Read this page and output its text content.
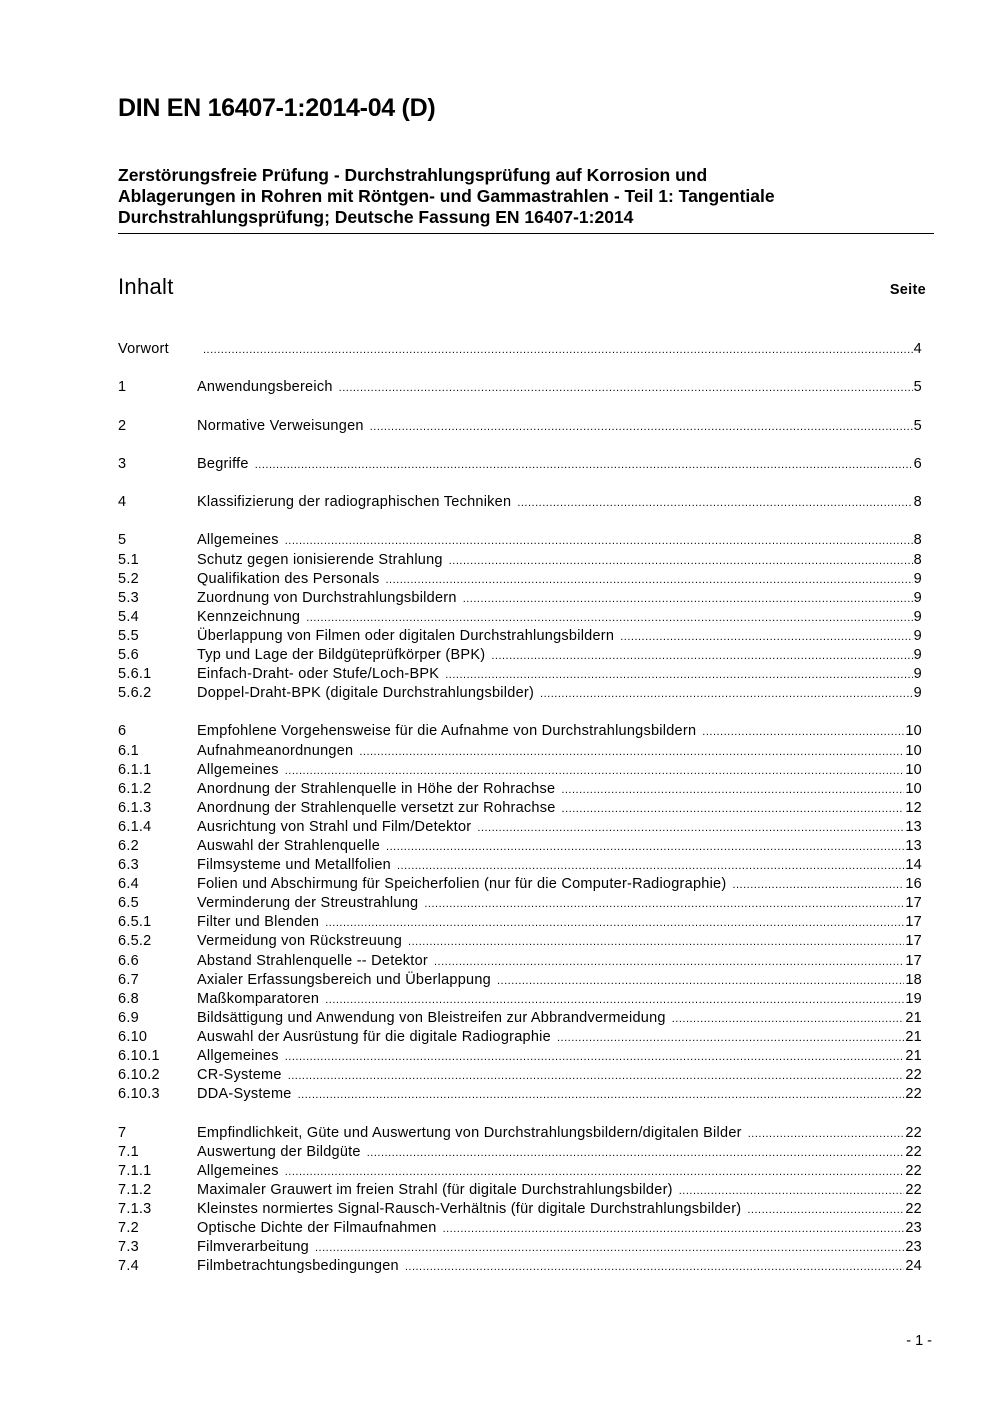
DIN EN 16407-1:2014-04 (D)
Zerstörungsfreie Prüfung - Durchstrahlungsprüfung auf Korrosion und
Ablagerungen in Rohren mit Röntgen- und Gammastrahlen - Teil 1: Tangentiale
Durchstrahlungsprüfung; Deutsche Fassung EN 16407-1:2014
Inhalt	Seite
Vorwort .....	4
1	Anwendungsbereich .....	5
2	Normative Verweisungen .....	5
3	Begriffe .....	6
4	Klassifizierung der radiographischen Techniken .....	8
5	Allgemeines .....	8
5.1	Schutz gegen ionisierende Strahlung .....	8
5.2	Qualifikation des Personals .....	9
5.3	Zuordnung von Durchstrahlungsbildern .....	9
5.4	Kennzeichnung .....	9
5.5	Überlappung von Filmen oder digitalen Durchstrahlungsbildern .....	9
5.6	Typ und Lage der Bildgüteprüfkörper (BPK) .....	9
5.6.1	Einfach-Draht- oder Stufe/Loch-BPK .....	9
5.6.2	Doppel-Draht-BPK (digitale Durchstrahlungsbilder) .....	9
6	Empfohlene Vorgehensweise für die Aufnahme von Durchstrahlungsbildern .....	10
6.1	Aufnahmeanordnungen .....	10
6.1.1	Allgemeines .....	10
6.1.2	Anordnung der Strahlenquelle in Höhe der Rohrachse .....	10
6.1.3	Anordnung der Strahlenquelle versetzt zur Rohrachse .....	12
6.1.4	Ausrichtung von Strahl und Film/Detektor .....	13
6.2	Auswahl der Strahlenquelle .....	13
6.3	Filmsysteme und Metallfolien .....	14
6.4	Folien und Abschirmung für Speicherfolien (nur für die Computer-Radiographie) .....	16
6.5	Verminderung der Streustrahlung .....	17
6.5.1	Filter und Blenden .....	17
6.5.2	Vermeidung von Rückstreuung .....	17
6.6	Abstand Strahlenquelle -- Detektor .....	17
6.7	Axialer Erfassungsbereich und Überlappung .....	18
6.8	Maßkomparatoren .....	19
6.9	Bildsättigung und Anwendung von Bleistreifen zur Abbrandvermeidung .....	21
6.10	Auswahl der Ausrüstung für die digitale Radiographie .....	21
6.10.1	Allgemeines .....	21
6.10.2	CR-Systeme .....	22
6.10.3	DDA-Systeme .....	22
7	Empfindlichkeit, Güte und Auswertung von Durchstrahlungsbildern/digitalen Bilder .....	22
7.1	Auswertung der Bildgüte .....	22
7.1.1	Allgemeines .....	22
7.1.2	Maximaler Grauwert im freien Strahl (für digitale Durchstrahlungsbilder) .....	22
7.1.3	Kleinstes normiertes Signal-Rausch-Verhältnis (für digitale Durchstrahlungsbilder) .....	22
7.2	Optische Dichte der Filmaufnahmen .....	23
7.3	Filmverarbeitung .....	23
7.4	Filmbetrachtungsbedingungen .....	24
- 1 -
